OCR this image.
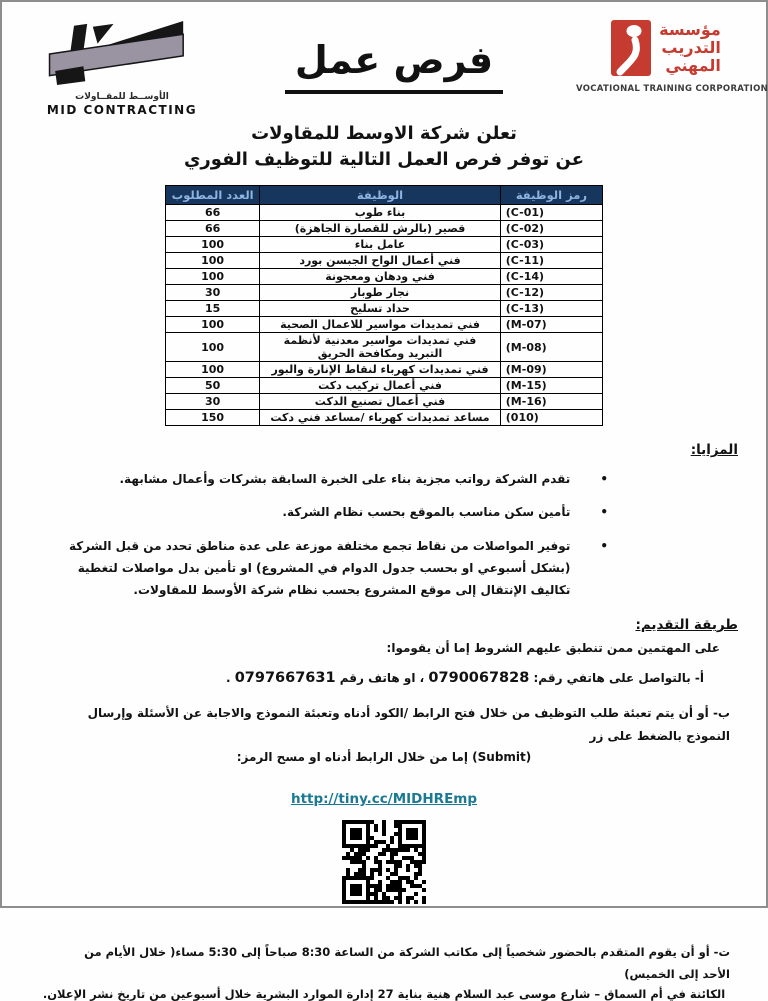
الأوســط للمقــاولات
MID CONTRACTING
فرص عمل
مؤسسة
التدريب
المهني
VOCATIONAL TRAINING CORPORATION
تعلن شركة الاوسط للمقاولات
عن توفر فرص العمل التالية للتوظيف الفوري
رمز الوظيفة	الوظيفة	العدد المطلوب
(C-01)	بناء طوب	66
(C-02)	قصير (بالرش للقصارة الجاهزة)	66
(C-03)	عامل بناء	100
(C-11)	فني أعمال الواح الجبسن بورد	100
(C-14)	فني ودهان ومعجونة	100
(C-12)	نجار طوبار	30
(C-13)	حداد تسليح	15
(M-07)	فني تمديدات مواسير للاعمال الصحية	100
(M-08)	فني تمديدات مواسير معدنية لأنظمة التبريد ومكافحة الحريق	100
(M-09)	فني تمديدات كهرباء لنقاط الإنارة والبور	100
(M-15)	فني أعمال تركيب دكت	50
(M-16)	فني أعمال تصنيع الدكت	30
(010)	مساعد تمديدات كهرباء /مساعد فني دكت	150
المزايا:
•
تقدم الشركة رواتب مجزية بناء على الخبرة السابقة بشركات وأعمال مشابهة.
•
تأمين سكن مناسب بالموقع بحسب نظام الشركة.
•
توفير المواصلات من نقاط تجمع مختلفة موزعة على عدة مناطق تحدد من قبل الشركة (بشكل أسبوعي او بحسب جدول الدوام في المشروع) او تأمين بدل مواصلات لتغطية تكاليف الإنتقال إلى موقع المشروع بحسب نظام شركة الأوسط للمقاولات.
طريقة التقديم:
على المهتمين ممن تنطبق عليهم الشروط إما أن يقوموا:
أ- بالتواصل على هاتفي رقم: 0790067828 ، او هاتف رقم 0797667631 .
ب- أو أن يتم تعبئة طلب التوظيف من خلال فتح الرابط /الكود أدناه وتعبئة النموذج والاجابة عن الأسئلة وإرسال النموذج بالضغط على زر
(Submit) إما من خلال الرابط أدناه او مسح الرمز:
http://tiny.cc/MIDHREmp
ت- أو أن يقوم المتقدم بالحضور شخصياً إلى مكاتب الشركة من الساعة 8:30 صباحاً إلى 5:30 مساء( خلال الأيام من الأحد إلى الخميس)
الكائنة في أم السماق – شارع موسى عبد السلام هنية بناية 27 إدارة الموارد البشرية خلال أسبوعين من تاريخ نشر الإعلان.
